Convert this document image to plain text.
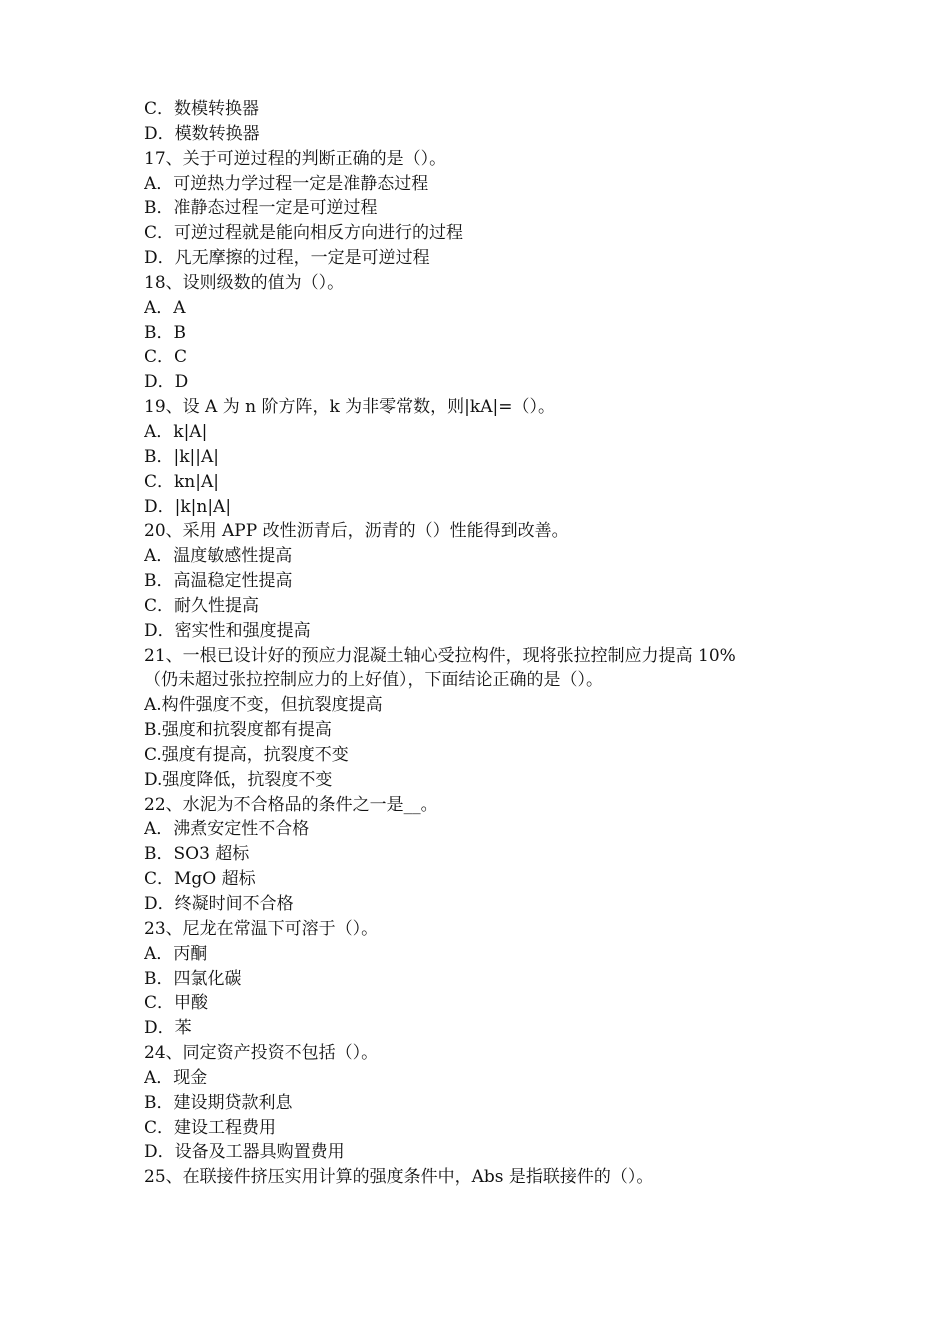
C．数模转换器
D．模数转换器
17、关于可逆过程的判断正确的是（）。
A．可逆热力学过程一定是准静态过程
B．准静态过程一定是可逆过程
C．可逆过程就是能向相反方向进行的过程
D．凡无摩擦的过程，一定是可逆过程
18、设则级数的值为（）。
A．A
B．B
C．C
D．D
19、设 A 为 n 阶方阵，k 为非零常数，则|kA|=（）。
A．k|A|
B．|k||A|
C．kn|A|
D．|k|n|A|
20、采用 APP 改性沥青后，沥青的（）性能得到改善。
A．温度敏感性提高
B．高温稳定性提高
C．耐久性提高
D．密实性和强度提高
21、一根已设计好的预应力混凝土轴心受拉构件，现将张拉控制应力提高 10%
（仍未超过张拉控制应力的上好值），下面结论正确的是（）。
A.构件强度不变，但抗裂度提高
B.强度和抗裂度都有提高
C.强度有提高，抗裂度不变
D.强度降低，抗裂度不变
22、水泥为不合格品的条件之一是__。
A．沸煮安定性不合格
B．SO3 超标
C．MgO 超标
D．终凝时间不合格
23、尼龙在常温下可溶于（）。
A．丙酮
B．四氯化碳
C．甲酸
D．苯
24、同定资产投资不包括（）。
A．现金
B．建设期贷款利息
C．建设工程费用
D．设备及工器具购置费用
25、在联接件挤压实用计算的强度条件中，Abs 是指联接件的（）。
